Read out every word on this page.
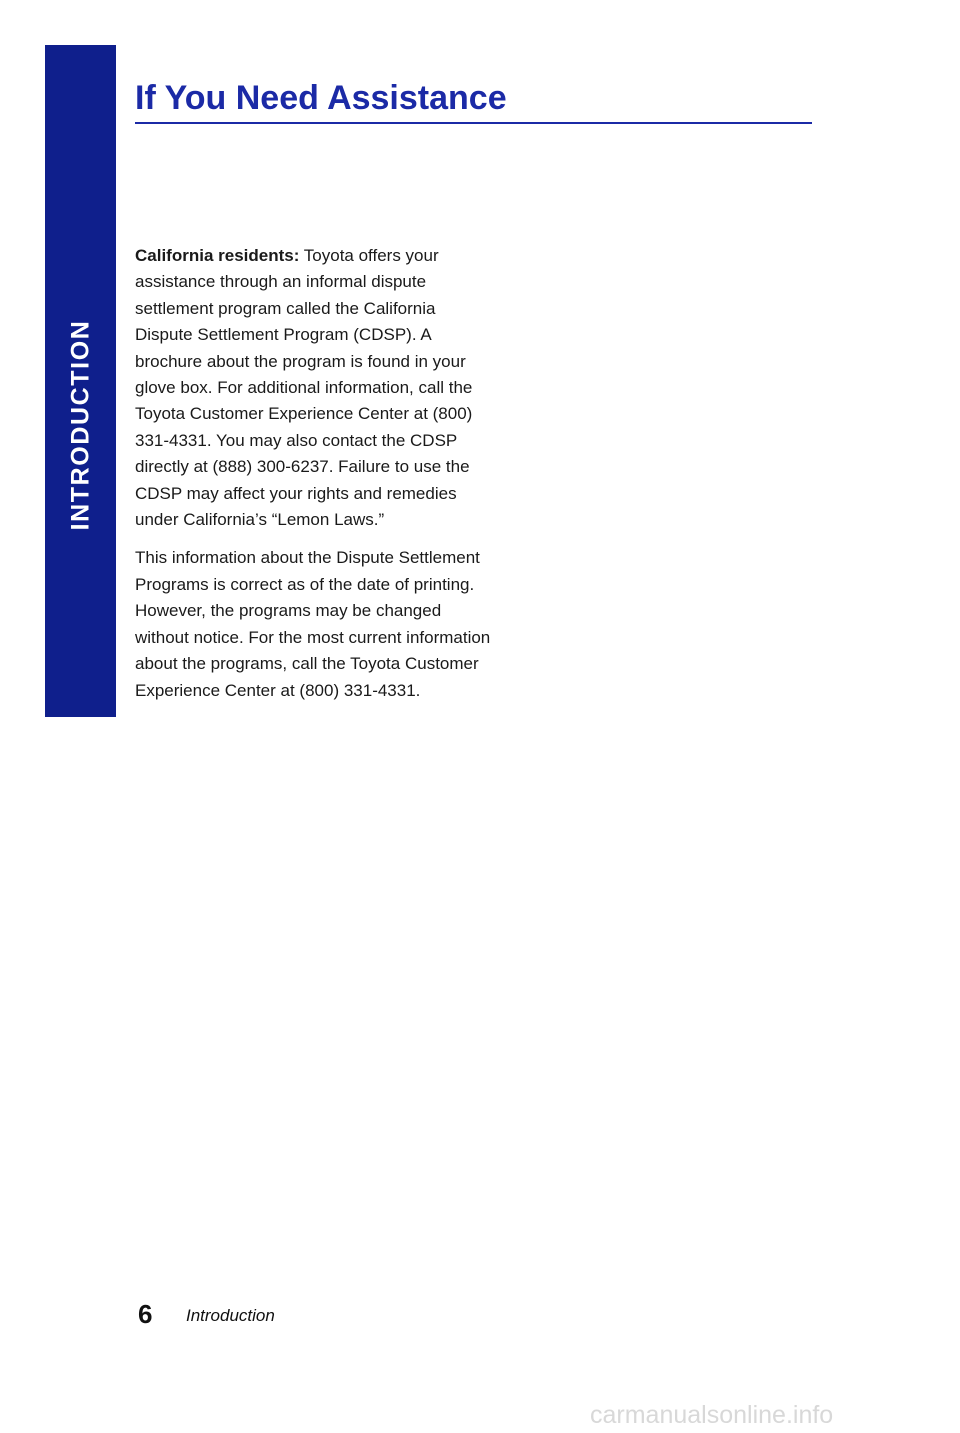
INTRODUCTION
If You Need Assistance

California residents: Toyota offers your assistance through an informal dispute settlement program called the California Dispute Settlement Program (CDSP). A brochure about the program is found in your glove box. For additional information, call the Toyota Customer Experience Center at (800) 331-4331. You may also contact the CDSP directly at (888) 300-6237. Failure to use the CDSP may affect your rights and remedies under California’s “Lemon Laws.”

This information about the Dispute Settlement Programs is correct as of the date of printing. However, the programs may be changed without notice. For the most current information about the programs, call the Toyota Customer Experience Center at (800) 331-4331.

6 Introduction
carmanualsonline.info
